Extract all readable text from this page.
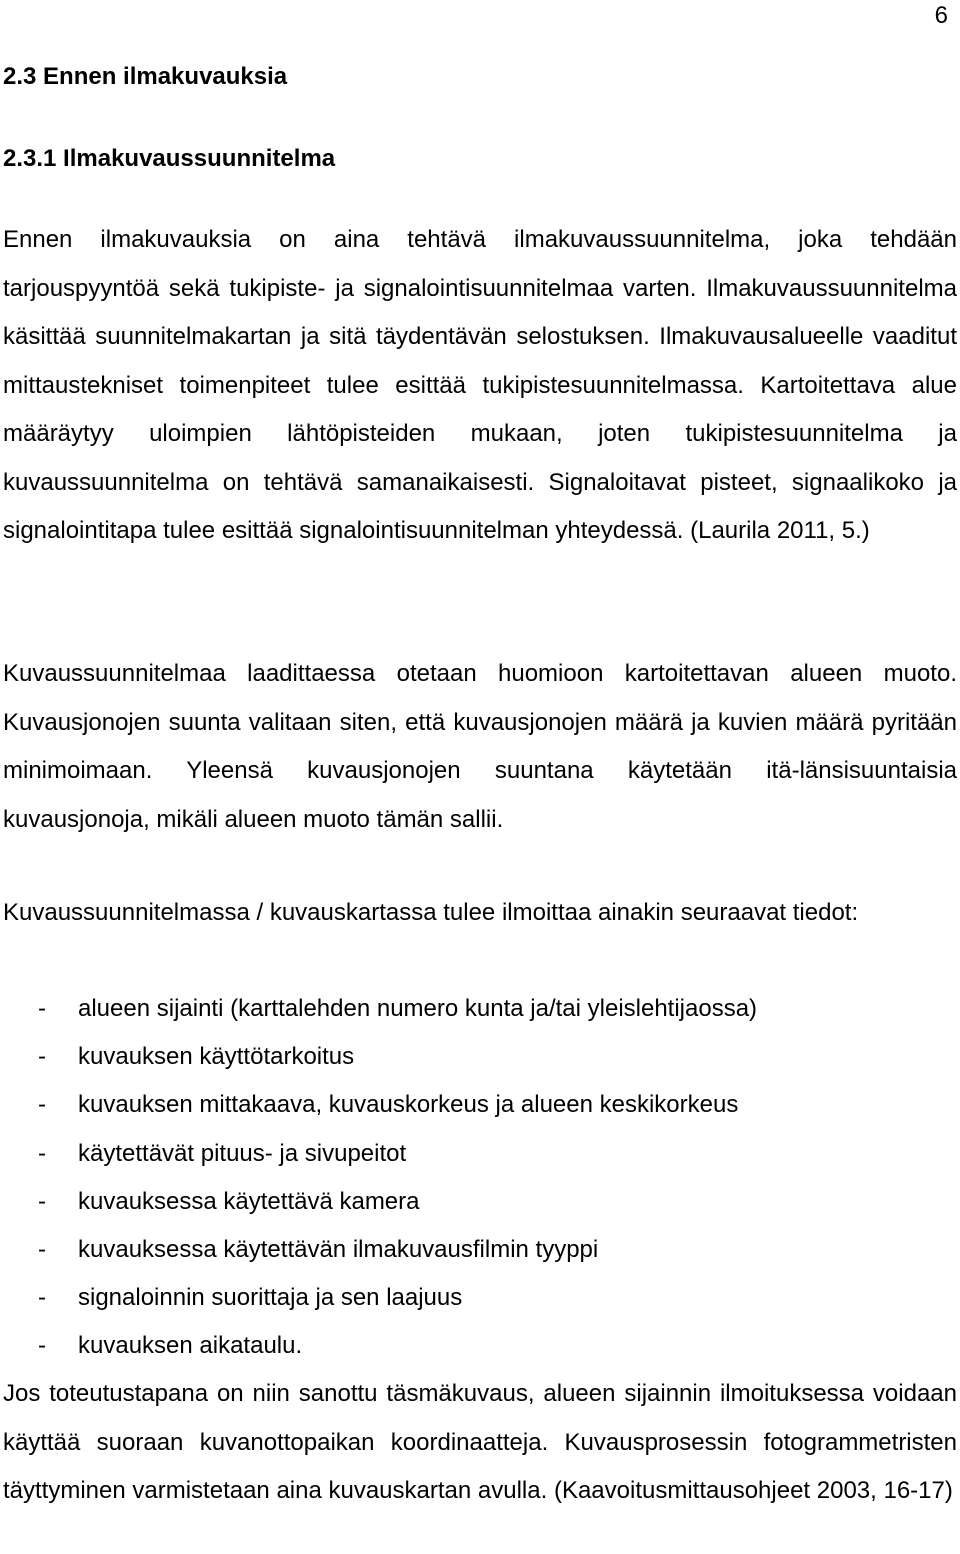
6
2.3 Ennen ilmakuvauksia
2.3.1 Ilmakuvaussuunnitelma

Ennen ilmakuvauksia on aina tehtävä ilmakuvaussuunnitelma, joka tehdään tarjouspyyntöä sekä tukipiste- ja signalointisuunnitelmaa varten. Ilmakuvaussuunnitelma käsittää suunnitelmakartan ja sitä täydentävän selostuksen. Ilmakuvausalueelle vaaditut mittaustekniset toimenpiteet tulee esittää tukipistesuunnitelmassa. Kartoitettava alue määräytyy uloimpien lähtöpisteiden mukaan, joten tukipistesuunnitelma ja kuvaussuunnitelma on tehtävä samanaikaisesti. Signaloitavat pisteet, signaalikoko ja signalointitapa tulee esittää signalointisuunnitelman yhteydessä. (Laurila 2011, 5.)

Kuvaussuunnitelmaa laadittaessa otetaan huomioon kartoitettavan alueen muoto. Kuvausjonojen suunta valitaan siten, että kuvausjonojen määrä ja kuvien määrä pyritään minimoimaan. Yleensä kuvausjonojen suuntana käytetään itä-länsisuuntaisia kuvausjonoja, mikäli alueen muoto tämän sallii.

Kuvaussuunnitelmassa / kuvauskartassa tulee ilmoittaa ainakin seuraavat tiedot:

-	alueen sijainti (karttalehden numero kunta ja/tai yleislehtijaossa)
-	kuvauksen käyttötarkoitus
-	kuvauksen mittakaava, kuvauskorkeus ja alueen keskikorkeus
-	käytettävät pituus- ja sivupeitot
-	kuvauksessa käytettävä kamera
-	kuvauksessa käytettävän ilmakuvausfilmin tyyppi
-	signaloinnin suorittaja ja sen laajuus
-	kuvauksen aikataulu.

Jos toteutustapana on niin sanottu täsmäkuvaus, alueen sijainnin ilmoituksessa voidaan käyttää suoraan kuvanottopaikan koordinaatteja. Kuvausprosessin fotogrammetristen täyttyminen varmistetaan aina kuvauskartan avulla. (Kaavoitusmittausohjeet 2003, 16-17)
